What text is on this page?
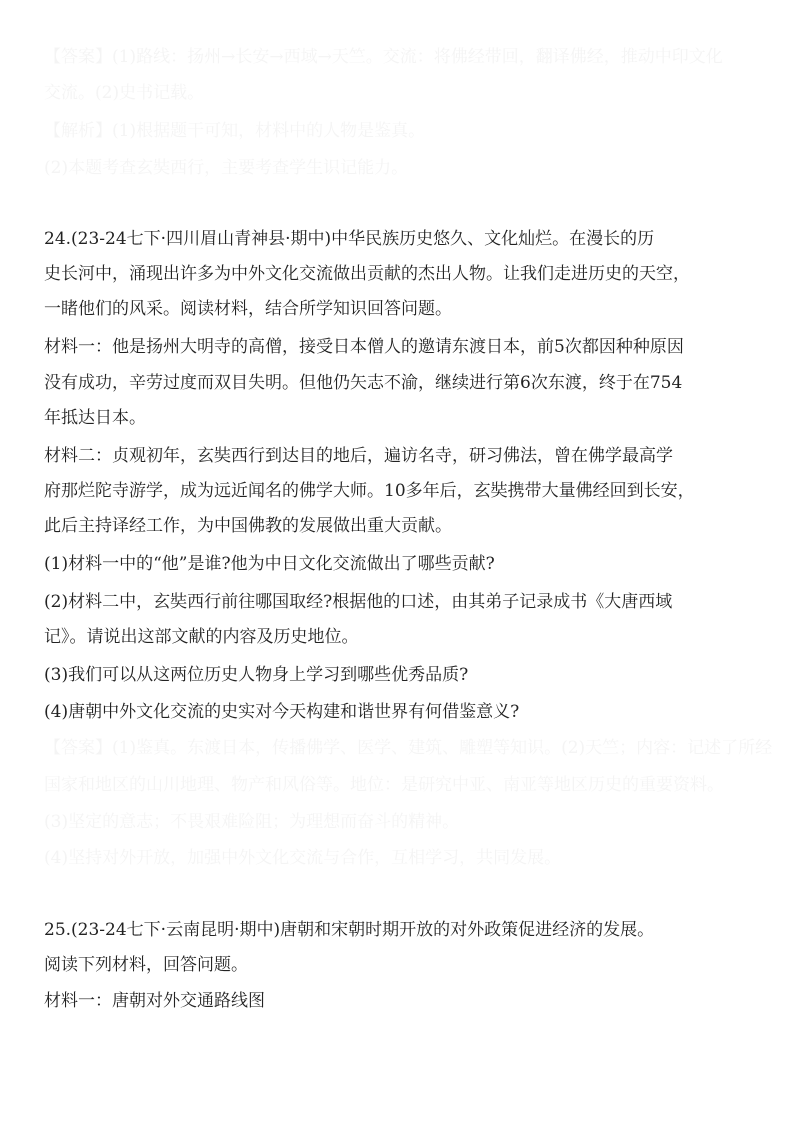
【答案】(1)路线：扬州→长安→西域→天竺。交流：将佛经带回，翻译佛经，推动中印文化

交流。(2)史书记载。

【解析】(1)根据题干可知，材料中的人物是鉴真。

(2)本题考查玄奘西行，主要考查学生识记能力。

24.(23-24七下·四川眉山青神县·期中)中华民族历史悠久、文化灿烂。在漫长的历

史长河中，涌现出许多为中外文化交流做出贡献的杰出人物。让我们走进历史的天空，

一睹他们的风采。阅读材料，结合所学知识回答问题。

材料一：他是扬州大明寺的高僧，接受日本僧人的邀请东渡日本，前5次都因种种原因

没有成功，辛劳过度而双目失明。但他仍矢志不渝，继续进行第6次东渡，终于在754

年抵达日本。

材料二：贞观初年，玄奘西行到达目的地后，遍访名寺，研习佛法，曾在佛学最高学

府那烂陀寺游学，成为远近闻名的佛学大师。10多年后，玄奘携带大量佛经回到长安，

此后主持译经工作，为中国佛教的发展做出重大贡献。

(1)材料一中的“他”是谁?他为中日文化交流做出了哪些贡献?

(2)材料二中，玄奘西行前往哪国取经?根据他的口述，由其弟子记录成书《大唐西域

记》。请说出这部文献的内容及历史地位。

(3)我们可以从这两位历史人物身上学习到哪些优秀品质?

(4)唐朝中外文化交流的史实对今天构建和谐世界有何借鉴意义?

【答案】(1)鉴真。东渡日本，传播佛学、医学、建筑、雕塑等知识。(2)天竺；内容：记述了所经

国家和地区的山川地理、物产和风俗等。地位：是研究中亚、南亚等地区历史的重要资料。

(3)坚定的意志；不畏艰难险阻；为理想而奋斗的精神。

(4)坚持对外开放，加强中外文化交流与合作，互相学习，共同发展。

25.(23-24七下·云南昆明·期中)唐朝和宋朝时期开放的对外政策促进经济的发展。

阅读下列材料，回答问题。

材料一：唐朝对外交通路线图
